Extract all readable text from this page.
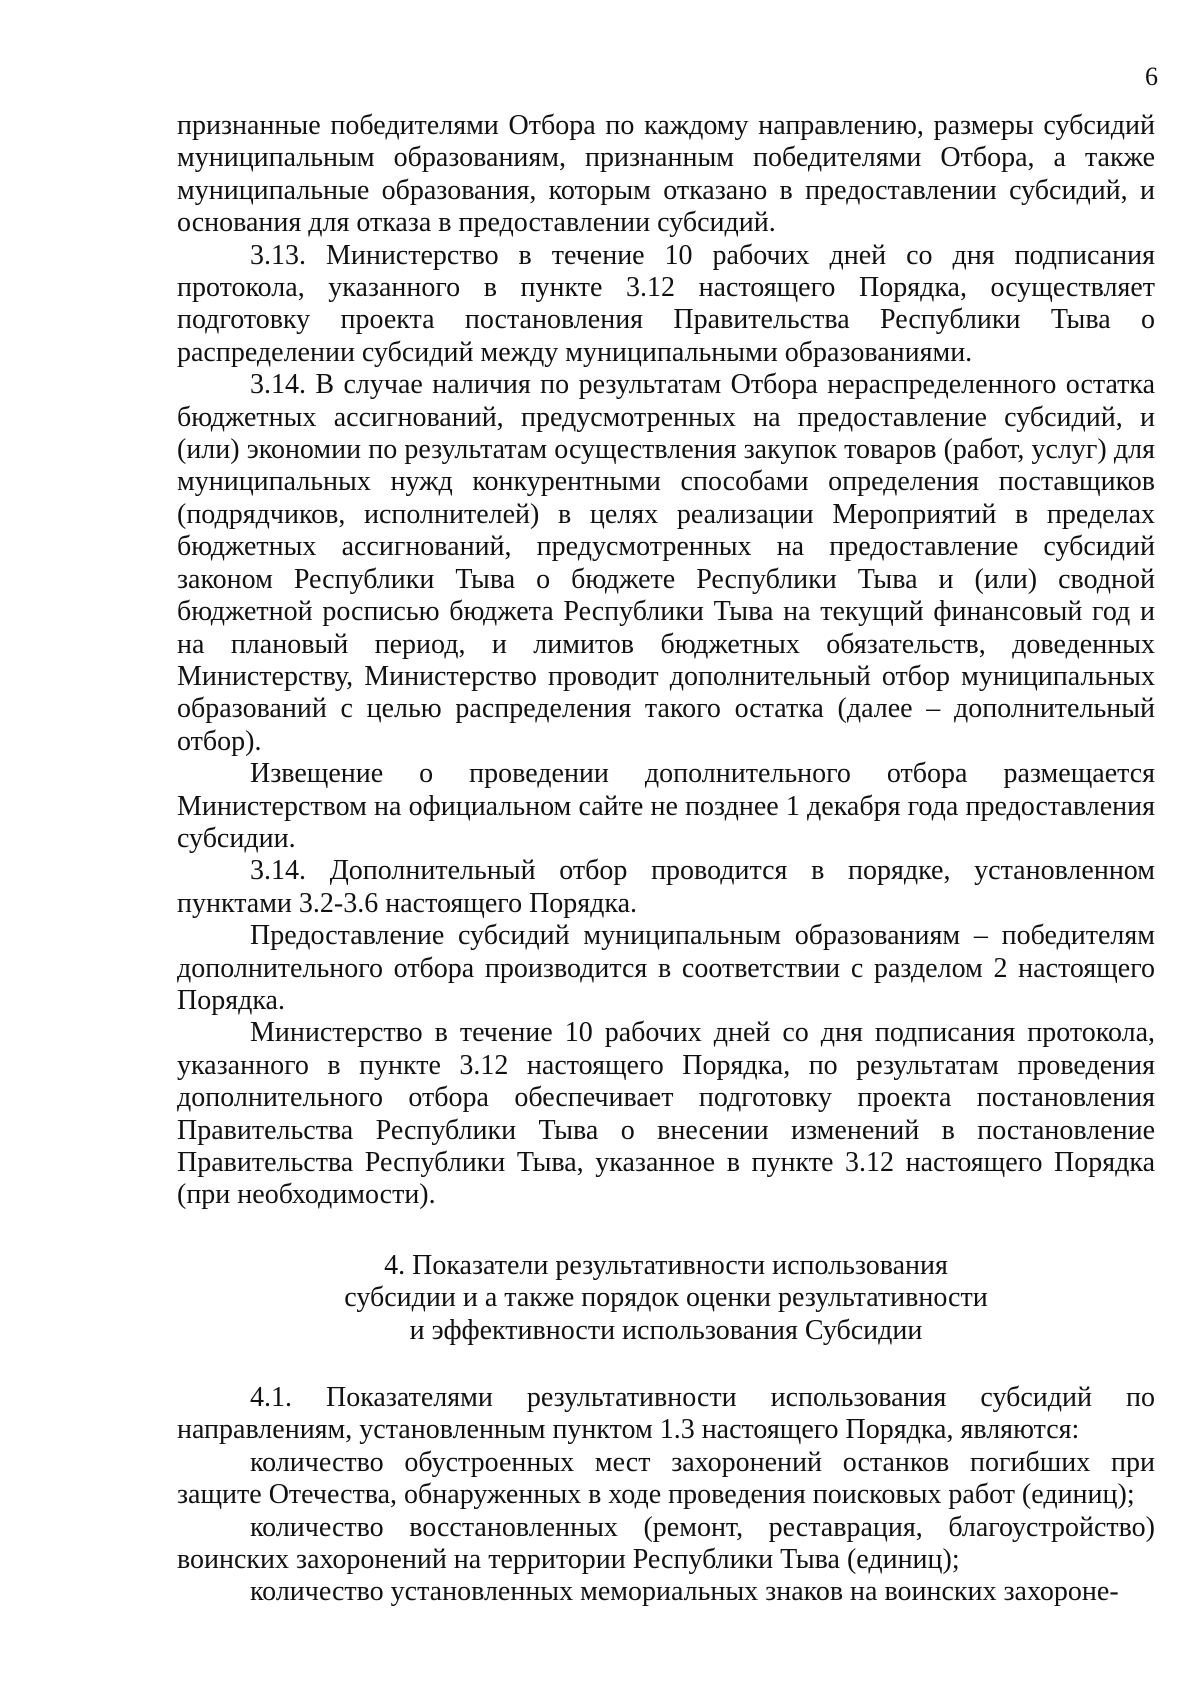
6

признанные победителями Отбора по каждому направлению, размеры субсидий муниципальным образованиям, признанным победителями Отбора, а также муниципальные образования, которым отказано в предоставлении субсидий, и основания для отказа в предоставлении субсидий.

3.13. Министерство в течение 10 рабочих дней со дня подписания протокола, указанного в пункте 3.12 настоящего Порядка, осуществляет подготовку проекта постановления Правительства Республики Тыва о распределении субсидий между муниципальными образованиями.

3.14. В случае наличия по результатам Отбора нераспределенного остатка бюджетных ассигнований, предусмотренных на предоставление субсидий, и (или) экономии по результатам осуществления закупок товаров (работ, услуг) для муниципальных нужд конкурентными способами определения поставщиков (подрядчиков, исполнителей) в целях реализации Мероприятий в пределах бюджетных ассигнований, предусмотренных на предоставление субсидий законом Республики Тыва о бюджете Республики Тыва и (или) сводной бюджетной росписью бюджета Республики Тыва на текущий финансовый год и на плановый период, и лимитов бюджетных обязательств, доведенных Министерству, Министерство проводит дополнительный отбор муниципальных образований с целью распределения такого остатка (далее – дополнительный отбор).

Извещение о проведении дополнительного отбора размещается Министерством на официальном сайте не позднее 1 декабря года предоставления субсидии.

3.14. Дополнительный отбор проводится в порядке, установленном пунктами 3.2-3.6 настоящего Порядка.

Предоставление субсидий муниципальным образованиям – победителям дополнительного отбора производится в соответствии с разделом 2 настоящего Порядка.

Министерство в течение 10 рабочих дней со дня подписания протокола, указанного в пункте 3.12 настоящего Порядка, по результатам проведения дополнительного отбора обеспечивает подготовку проекта постановления Правительства Республики Тыва о внесении изменений в постановление Правительства Республики Тыва, указанное в пункте 3.12 настоящего Порядка (при необходимости).

4. Показатели результативности использования
субсидии и а также порядок оценки результативности
и эффективности использования Субсидии

4.1. Показателями результативности использования субсидий по направлениям, установленным пунктом 1.3 настоящего Порядка, являются:

количество обустроенных мест захоронений останков погибших при защите Отечества, обнаруженных в ходе проведения поисковых работ (единиц);

количество восстановленных (ремонт, реставрация, благоустройство) воинских захоронений на территории Республики Тыва (единиц);

количество установленных мемориальных знаков на воинских захороне-
